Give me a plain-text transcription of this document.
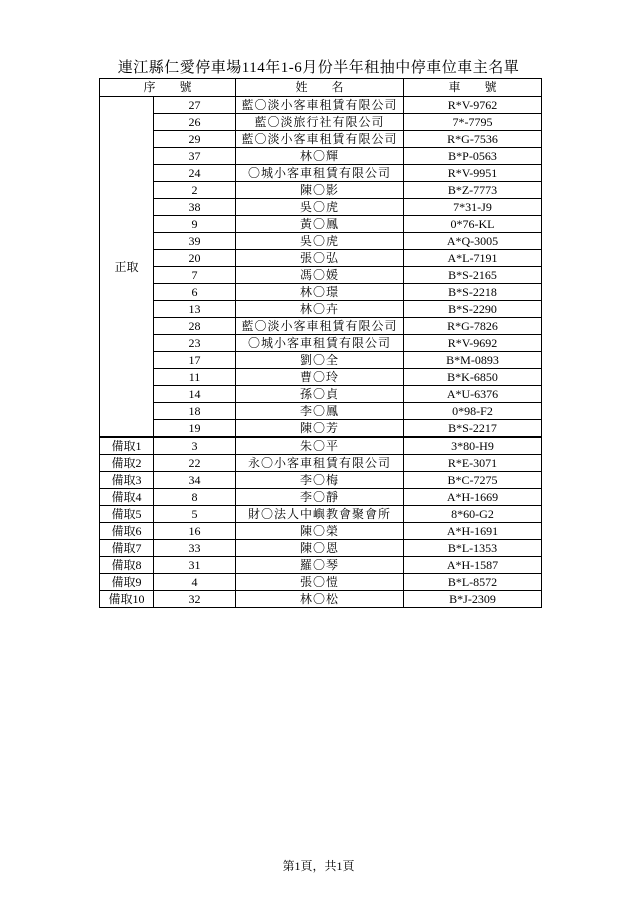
連江縣仁愛停車場114年1-6月份半年租抽中停車位車主名單
序　　號		姓　　名	車　　號
正取	27	藍〇淡小客車租賃有限公司	R*V-9762
	26	藍〇淡旅行社有限公司	7*-7795
	29	藍〇淡小客車租賃有限公司	R*G-7536
	37	林〇輝	B*P-0563
	24	〇城小客車租賃有限公司	R*V-9951
	2	陳〇影	B*Z-7773
	38	吳〇虎	7*31-J9
	9	黃〇鳳	0*76-KL
	39	吳〇虎	A*Q-3005
	20	張〇弘	A*L-7191
	7	馮〇媛	B*S-2165
	6	林〇璟	B*S-2218
	13	林〇卉	B*S-2290
	28	藍〇淡小客車租賃有限公司	R*G-7826
	23	〇城小客車租賃有限公司	R*V-9692
	17	劉〇全	B*M-0893
	11	曹〇玲	B*K-6850
	14	孫〇貞	A*U-6376
	18	李〇鳳	0*98-F2
	19	陳〇芳	B*S-2217
備取1	3	朱〇平	3*80-H9
備取2	22	永〇小客車租賃有限公司	R*E-3071
備取3	34	李〇梅	B*C-7275
備取4	8	李〇靜	A*H-1669
備取5	5	財〇法人中嶼教會聚會所	8*60-G2
備取6	16	陳〇榮	A*H-1691
備取7	33	陳〇恩	B*L-1353
備取8	31	羅〇琴	A*H-1587
備取9	4	張〇愷	B*L-8572
備取10	32	林〇松	B*J-2309
第1頁，共1頁
